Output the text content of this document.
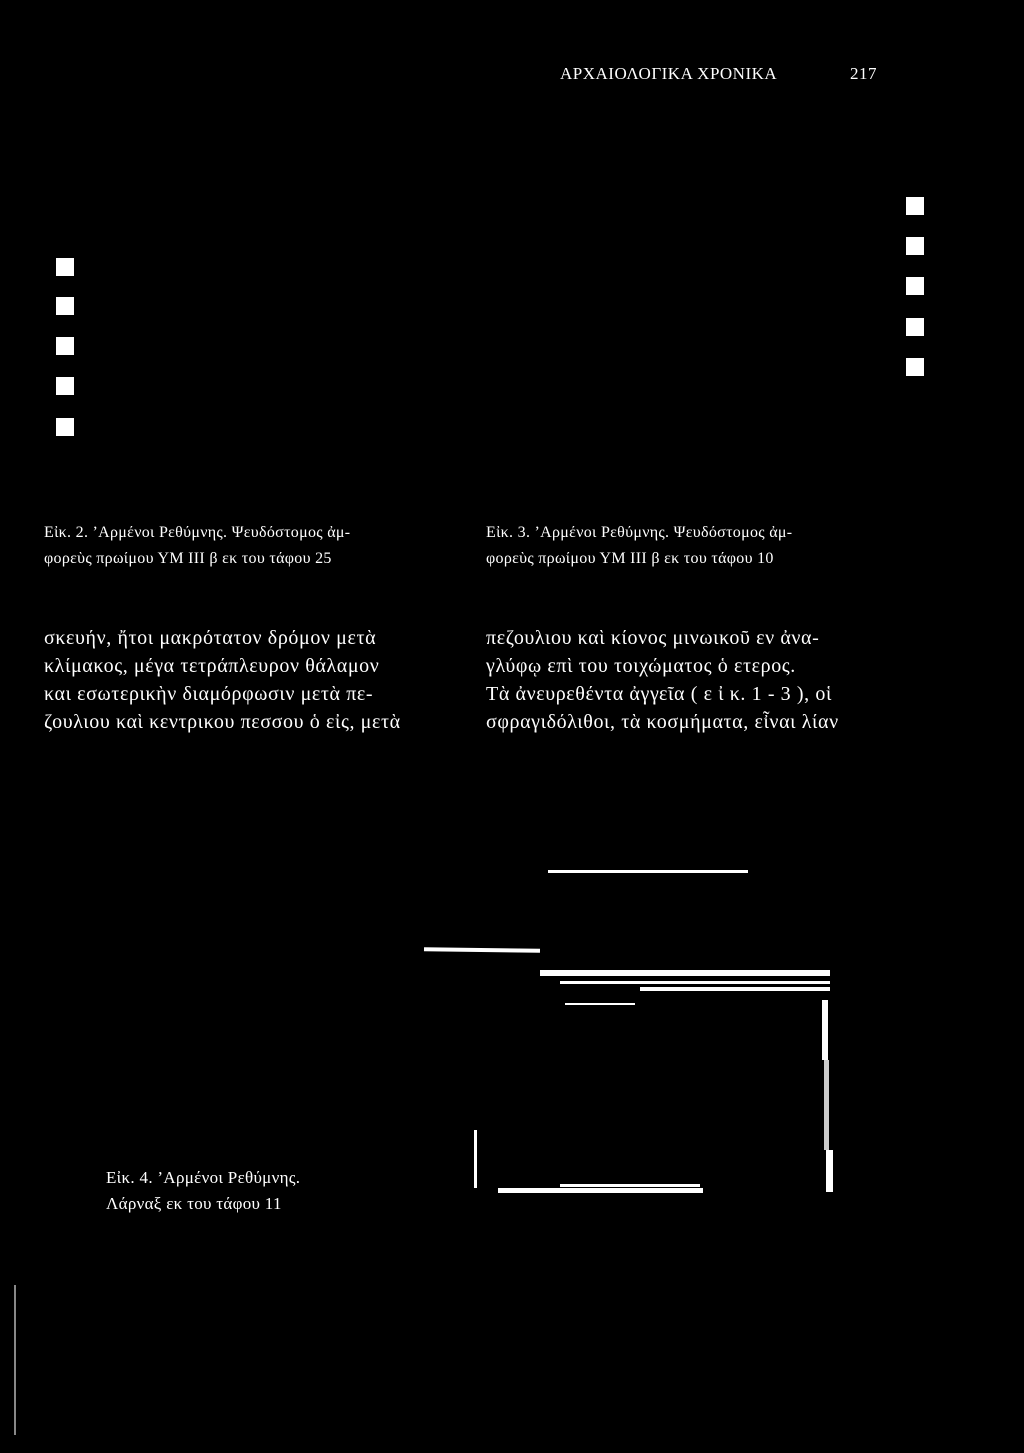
ΑΡΧΑΙΟΛΟΓΙΚΑ ΧΡΟΝΙΚΑ	217
Εἰκ. 2. ’Αρμένοι Ρεθύμνης. Ψευδόστομος ἀμ-
φορεὺς πρωίμου ΥΜ ΙΙΙ β εκ του τάφου 25
Εἰκ. 3. ’Αρμένοι Ρεθύμνης. Ψευδόστομος ἀμ-
φορεὺς πρωίμου ΥΜ ΙΙΙ β εκ του τάφου 10
σκευήν, ἤτοι μακρότατον δρόμον μετὰ
κλίμακος, μέγα τετράπλευρον θάλαμον
και εσωτερικὴν διαμόρφωσιν μετὰ πε-
ζουλιου καὶ κεντρικου πεσσου ὁ εἰς, μετὰ
πεζουλιου καὶ κίονος μινωικοῦ εν ἀνα-
γλύφῳ επὶ του τοιχώματος ὁ ετερος.
Τὰ ἀνευρεθέντα ἀγγεῖα ( ε ἰ κ. 1 - 3 ), οἱ
σφραγιδόλιθοι, τὰ κοσμήματα, εἶναι λίαν
Εἰκ. 4. ’Αρμένοι Ρεθύμνης.
Λάρναξ εκ του τάφου 11
